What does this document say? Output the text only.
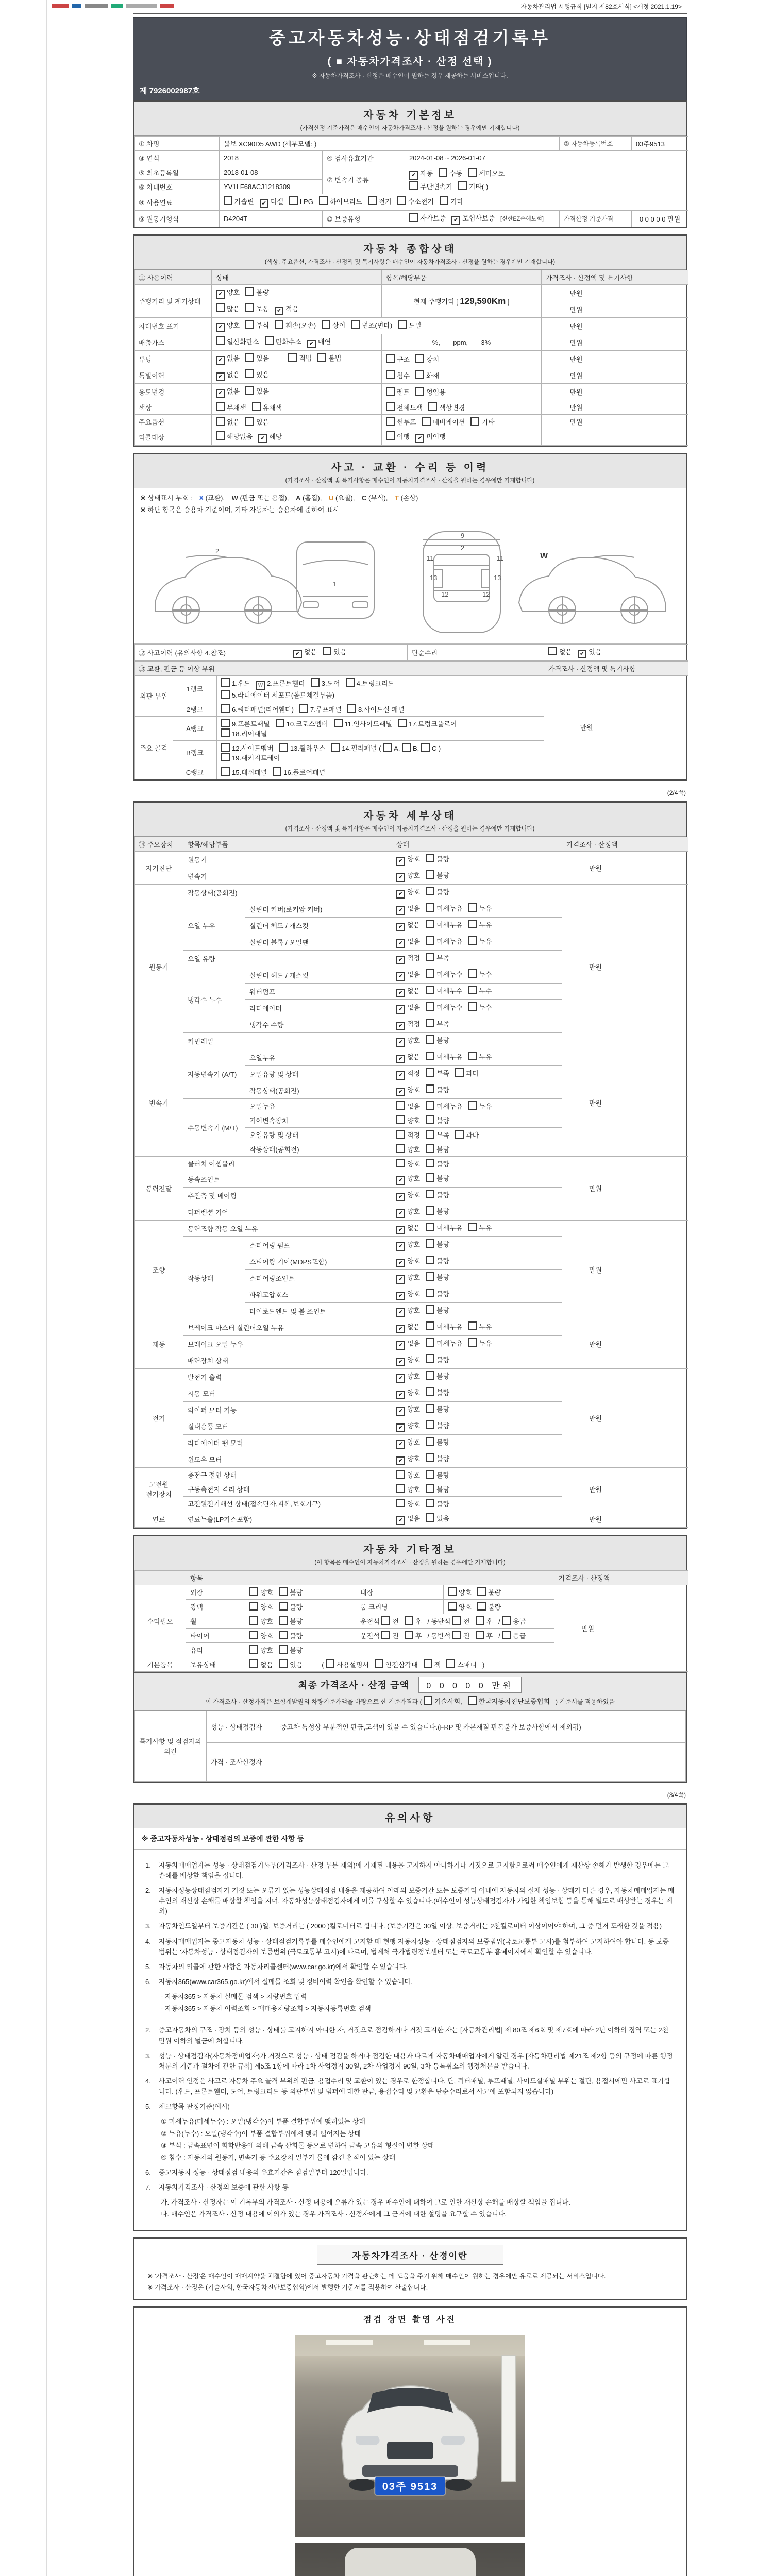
자동차관리법 시행규칙 [별지 제82호서식] <개정 2021.1.19>
중고자동차성능·상태점검기록부
( ■ 자동차가격조사 · 산정 선택 )
※ 자동차가격조사 · 산정은 매수인이 원하는 경우 제공하는 서비스입니다.
제 7926002987호
자동차 기본정보
(가격산정 기준가격은 매수인이 자동차가격조사 · 산정을 원하는 경우에만 기재합니다)
① 차명	볼보 XC90D5 AWD (세부모델: )			② 자동차등록번호	03주9513
③ 연식	2018	④ 검사유효기간	2024-01-08 ~ 2026-01-07		
⑤ 최초등록일	2018-01-08	⑦ 변속기 종류	✔ 자동 수동 세미오토
무단변속기 기타( )		

⑥ 차대번호	YV1LF68ACJ1218309				
⑧ 사용연료	가솔린 ✔ 디젤 LPG 하이브리드 전기 수소전기 기타				
⑨ 원동기형식	D4204T	⑩ 보증유형	자가보증 ✔ 보험사보증 [신한EZ손해보험]	가격산정 기준가격	0 0 0 0 0 만원
자동차 종합상태
(색상, 주요옵션, 가격조사 · 산정액 및 특기사항은 매수인이 자동차가격조사 · 산정을 원하는 경우에만 기재합니다)
⑪ 사용이력	상태	항목/해당부품	가격조사 · 산정액 및 특기사항	
주행거리 및 계기상태	✔ 양호 불량	현재 주행거리 [ 129,590Km ]	만원	
	많음 보통 ✔ 적음		만원	
차대번호 표기	✔ 양호 부식 훼손(오손) 상이 변조(변타) 도말		만원	
배출가스	일산화탄소 탄화수소 ✔ 매연	%,       ppm,       3%	만원	
튜닝	✔ 없음 있음 적법 불법	구조 장치	만원	
특별이력	✔ 없음 있음	침수 화재	만원	
용도변경	✔ 없음 있음	렌트 영업용	만원	
색상	무채색 유채색	전체도색 색상변경	만원	
주요옵션	없음 있음	썬루프 네비게이션 기타	만원	
리콜대상	해당없음 ✔ 해당	이행 ✔ 미이행		
사고 · 교환 · 수리 등 이력
(가격조사 · 산정액 및 특기사항은 매수인이 자동차가격조사 · 산정을 원하는 경우에만 기재합니다)
※ 상태표시 부호 : X (교환), W (판금 또는 용접), A (흠집), U (요철), C (부식), T (손상)
※ 하단 항목은 승용차 기준이며, 기타 자동차는 승용차에 준하여 표시
2
1
9
2
11	11
13	13
12	12
W
⑫ 사고이력 (유의사항 4.참조)	✔ 없음 있음	단순수리	없음 ✔ 있음
⑬ 교환, 판금 등 이상 부위			가격조사 · 산정액 및 특기사항	
외판 부위	1랭크	1.후드 W 2.프론트휀더 3.도어 4.트렁크리드
5.라디에이터 서포트(볼트체결부품)	만원	
	2랭크	6.쿼터패널(리어휀다) 7.루프패널 8.사이드실 패널		
주요 골격	A랭크	9.프론트패널 10.크로스멤버 11.인사이드패널 17.트렁크플로어
18.리어패널		
	B랭크	12.사이드멤버 13.휠하우스 14.필러패널 ( A, B, C )
19.패키지트레이		
	C랭크	15.대쉬패널 16.플로어패널		
(2/4쪽)
자동차 세부상태
(가격조사 · 산정액 및 특기사항은 매수인이 자동차가격조사 · 산정을 원하는 경우에만 기재합니다)
⑭ 주요장치	항목/해당부품		상태	가격조사 · 산정액	
자기진단	원동기		✔ 양호 불량	만원	
	변속기		✔ 양호 불량		
원동기	작동상태(공회전)		✔ 양호 불량	만원	
	오일 누유	실린더 커버(로커암 커버)	✔ 없음 미세누유 누유		
		실린더 헤드 / 개스킷	✔ 없음 미세누유 누유		
		실린더 블록 / 오일팬	✔ 없음 미세누유 누유		
	오일 유량		✔ 적정 부족		
	냉각수 누수	실린더 헤드 / 개스킷	✔ 없음 미세누수 누수		
		워터펌프	✔ 없음 미세누수 누수		
		라디에이터	✔ 없음 미세누수 누수		
		냉각수 수량	✔ 적정 부족		
	커먼레일		✔ 양호 불량		
변속기	자동변속기 (A/T)	오일누유	✔ 없음 미세누유 누유	만원	
		오일유량 및 상태	✔ 적정 부족 과다		
		작동상태(공회전)	✔ 양호 불량		
	수동변속기 (M/T)	오일누유	없음 미세누유 누유		
		기어변속장치	양호 불량		
		오일유량 및 상태	적정 부족 과다		
		작동상태(공회전)	양호 불량		
동력전달	클러치 어셈블리		양호 불량	만원	
	등속조인트		✔ 양호 불량		
	추진축 및 베어링		✔ 양호 불량		
	디퍼렌셜 기어		✔ 양호 불량		
조향	동력조향 작동 오일 누유		✔ 없음 미세누유 누유	만원	
	작동상태	스티어링 펌프	✔ 양호 불량		
		스티어링 기어(MDPS포함)	✔ 양호 불량		
		스티어링조인트	✔ 양호 불량		
		파워고압호스	✔ 양호 불량		
		타이로드엔드 및 볼 조인트	✔ 양호 불량		
제동	브레이크 마스터 실린더오일 누유		✔ 없음 미세누유 누유	만원	
	브레이크 오일 누유		✔ 없음 미세누유 누유		
	배력장치 상태		✔ 양호 불량		
전기	발전기 출력		✔ 양호 불량	만원	
	시동 모터		✔ 양호 불량		
	와이퍼 모터 기능		✔ 양호 불량		
	실내송풍 모터		✔ 양호 불량		
	라디에이터 팬 모터		✔ 양호 불량		
	윈도우 모터		✔ 양호 불량		
고전원 전기장치	충전구 절연 상태		양호 불량	만원	
	구동축전지 격리 상태		양호 불량		
	고전원전기배선 상태(접속단자,피복,보호기구)		양호 불량		
연료	연료누출(LP가스포함)		✔ 없음 있음	만원	
자동차 기타정보
(이 항목은 매수인이 자동차가격조사 · 산정을 원하는 경우에만 기재합니다)
	항목				가격조사 · 산정액	
수리필요	외장	양호 불량	내장	양호 불량	만원	
	광택	양호 불량	룸 크리닝	양호 불량		
	휠	양호 불량	운전석 전 후 / 동반석 전 후 / 응급			
	타이어	양호 불량	운전석 전 후 / 동반석 전 후 / 응급			
	유리	양호 불량				
기본품목	보유상태	없음 있음 ( 사용설명서 안전삼각대 잭 스패너 )				
최종 가격조사 · 산정 금액 0 0 0 0 0 만원
이 가격조사 · 산정가격은 보험개발원의 차량기준가액을 바탕으로 한 기준가격과 ( 기술사회, 한국자동차진단보증협회 ) 기준서를 적용하였음
특기사항 및 점검자의 의견	성능 · 상태점검자	중고차 특성상 부분적인 판금,도색이 있을 수 있습니다.(FRP 및 카본재질 판독불가 보증사항에서 제외됨)
	가격 · 조사산정자	
(3/4쪽)
유의사항
※ 중고자동차성능 · 상태점검의 보증에 관한 사항 등
1.	자동차매매업자는 성능 · 상태점검기록부(가격조사 · 산정 부분 제외)에 기재된 내용을 고지하지 아니하거나 거짓으로 고지함으로써 매수인에게 재산상 손해가 발생한 경우에는 그 손해를 배상할 책임을 집니다.
2.	자동차성능상태점검자가 거짓 또는 오류가 있는 성능상태점검 내용을 제공하여 아래의 보증기간 또는 보증거리 이내에 자동차의 실제 성능 · 상태가 다른 경우, 자동차매매업자는 매수인의 재산상 손해를 배상할 책임을 지며, 자동차성능상태점검자에게 이를 구상할 수 있습니다.(매수인이 성능상태점검자가 가입한 책임보험 등을 통해 별도로 배상받는 경우는 제외)
3.	자동차인도일부터 보증기간은 ( 30 )일, 보증거리는 ( 2000 )킬로미터로 합니다. (보증기간은 30일 이상, 보증거리는 2천킬로미터 이상이어야 하며, 그 중 먼저 도래한 것을 적용)
4.	자동차매매업자는 중고자동차 성능 · 상태점검기록부를 매수인에게 고지할 때 현행 자동차성능 · 상태점검자의 보증범위(국토교통부 고시)를 첨부하여 고지하여야 합니다. 동 보증범위는 '자동차성능 · 상태점검자의 보증범위'(국토교통부 고시)에 따르며, 법제처 국가법령정보센터 또는 국토교통부 홈페이지에서 확인할 수 있습니다.
5.	자동차의 리콜에 관한 사항은 자동차리콜센터(www.car.go.kr)에서 확인할 수 있습니다.
6.	자동차365(www.car365.go.kr)에서 실매물 조회 및 정비이력 확인을 확인할 수 있습니다.
- 자동차365 > 자동차 실매물 검색 > 차량번호 입력
- 자동차365 > 자동차 이력조회 > 매매용차량조회 > 자동차등록번호 검색
2.	중고자동차의 구조 · 장치 등의 성능 · 상태를 고지하지 아니한 자, 거짓으로 점검하거나 거짓 고지한 자는 [자동차관리법] 제 80조 제6호 및 제7호에 따라 2년 이하의 징역 또는 2천만원 이하의 벌금에 처합니다.
3.	성능 · 상태점검자(자동차정비업자)가 거짓으로 성능 · 상태 점검을 하거나 점검한 내용과 다르게 자동차매매업자에게 알린 경우 [자동차관리법 제21조 제2항 등의 규정에 따른 행정처분의 기준과 절차에 관한 규칙] 제5조 1항에 따라 1차 사업정지 30일, 2차 사업정지 90일, 3차 등록취소의 행정처분을 받습니다.
4.	사고이력 인정은 사고로 자동차 주요 골격 부위의 판금, 용접수리 및 교환이 있는 경우로 한정합니다. 단, 쿼터패널, 루프패널, 사이드실패널 부위는 절단, 용접시에만 사고로 표기합니다. (후드, 프론트휀더, 도어, 트렁크리드 등 외판부위 및 범퍼에 대한 판금, 용접수리 및 교환은 단순수리로서 사고에 포함되지 않습니다)
5.	체크항목 판정기준(예시)
① 미세누유(미세누수) : 오일(냉각수)이 부품 결합부위에 맺혀있는 상태
② 누유(누수) : 오일(냉각수)이 부품 결합부위에서 맺혀 떨어지는 상태
③ 부식 : 금속표면이 화학반응에 의해 금속 산화물 등으로 변하여 금속 고유의 형질이 변한 상태
④ 침수 : 자동차의 원동기, 변속기 등 주요장치 일부가 물에 잠긴 흔적이 있는 상태
6.	중고자동차 성능 · 상태점검 내용의 유효기간은 점검일부터 120일입니다.
7.	자동차가격조사 · 산정의 보증에 관한 사항 등
가. 가격조사 · 산정자는 이 기록부의 가격조사 · 산정 내용에 오류가 있는 경우 매수인에 대하여 그로 인한 재산상 손해를 배상할 책임을 집니다.
나. 매수인은 가격조사 · 산정 내용에 이의가 있는 경우 가격조사 · 산정자에게 그 근거에 대한 설명을 요구할 수 있습니다.
자동차가격조사 · 산정이란
※ '가격조사 · 산정'은 매수인이 매매계약을 체결함에 있어 중고자동차 가격을 판단하는 데 도움을 주기 위해 매수인이 원하는 경우에만 유료로 제공되는 서비스입니다.
※ 가격조사 · 산정은 (기술사회, 한국자동차진단보증협회)에서 발행한 기준서를 적용하여 산출합니다.
점검 장면 촬영 사진
03주 9513
